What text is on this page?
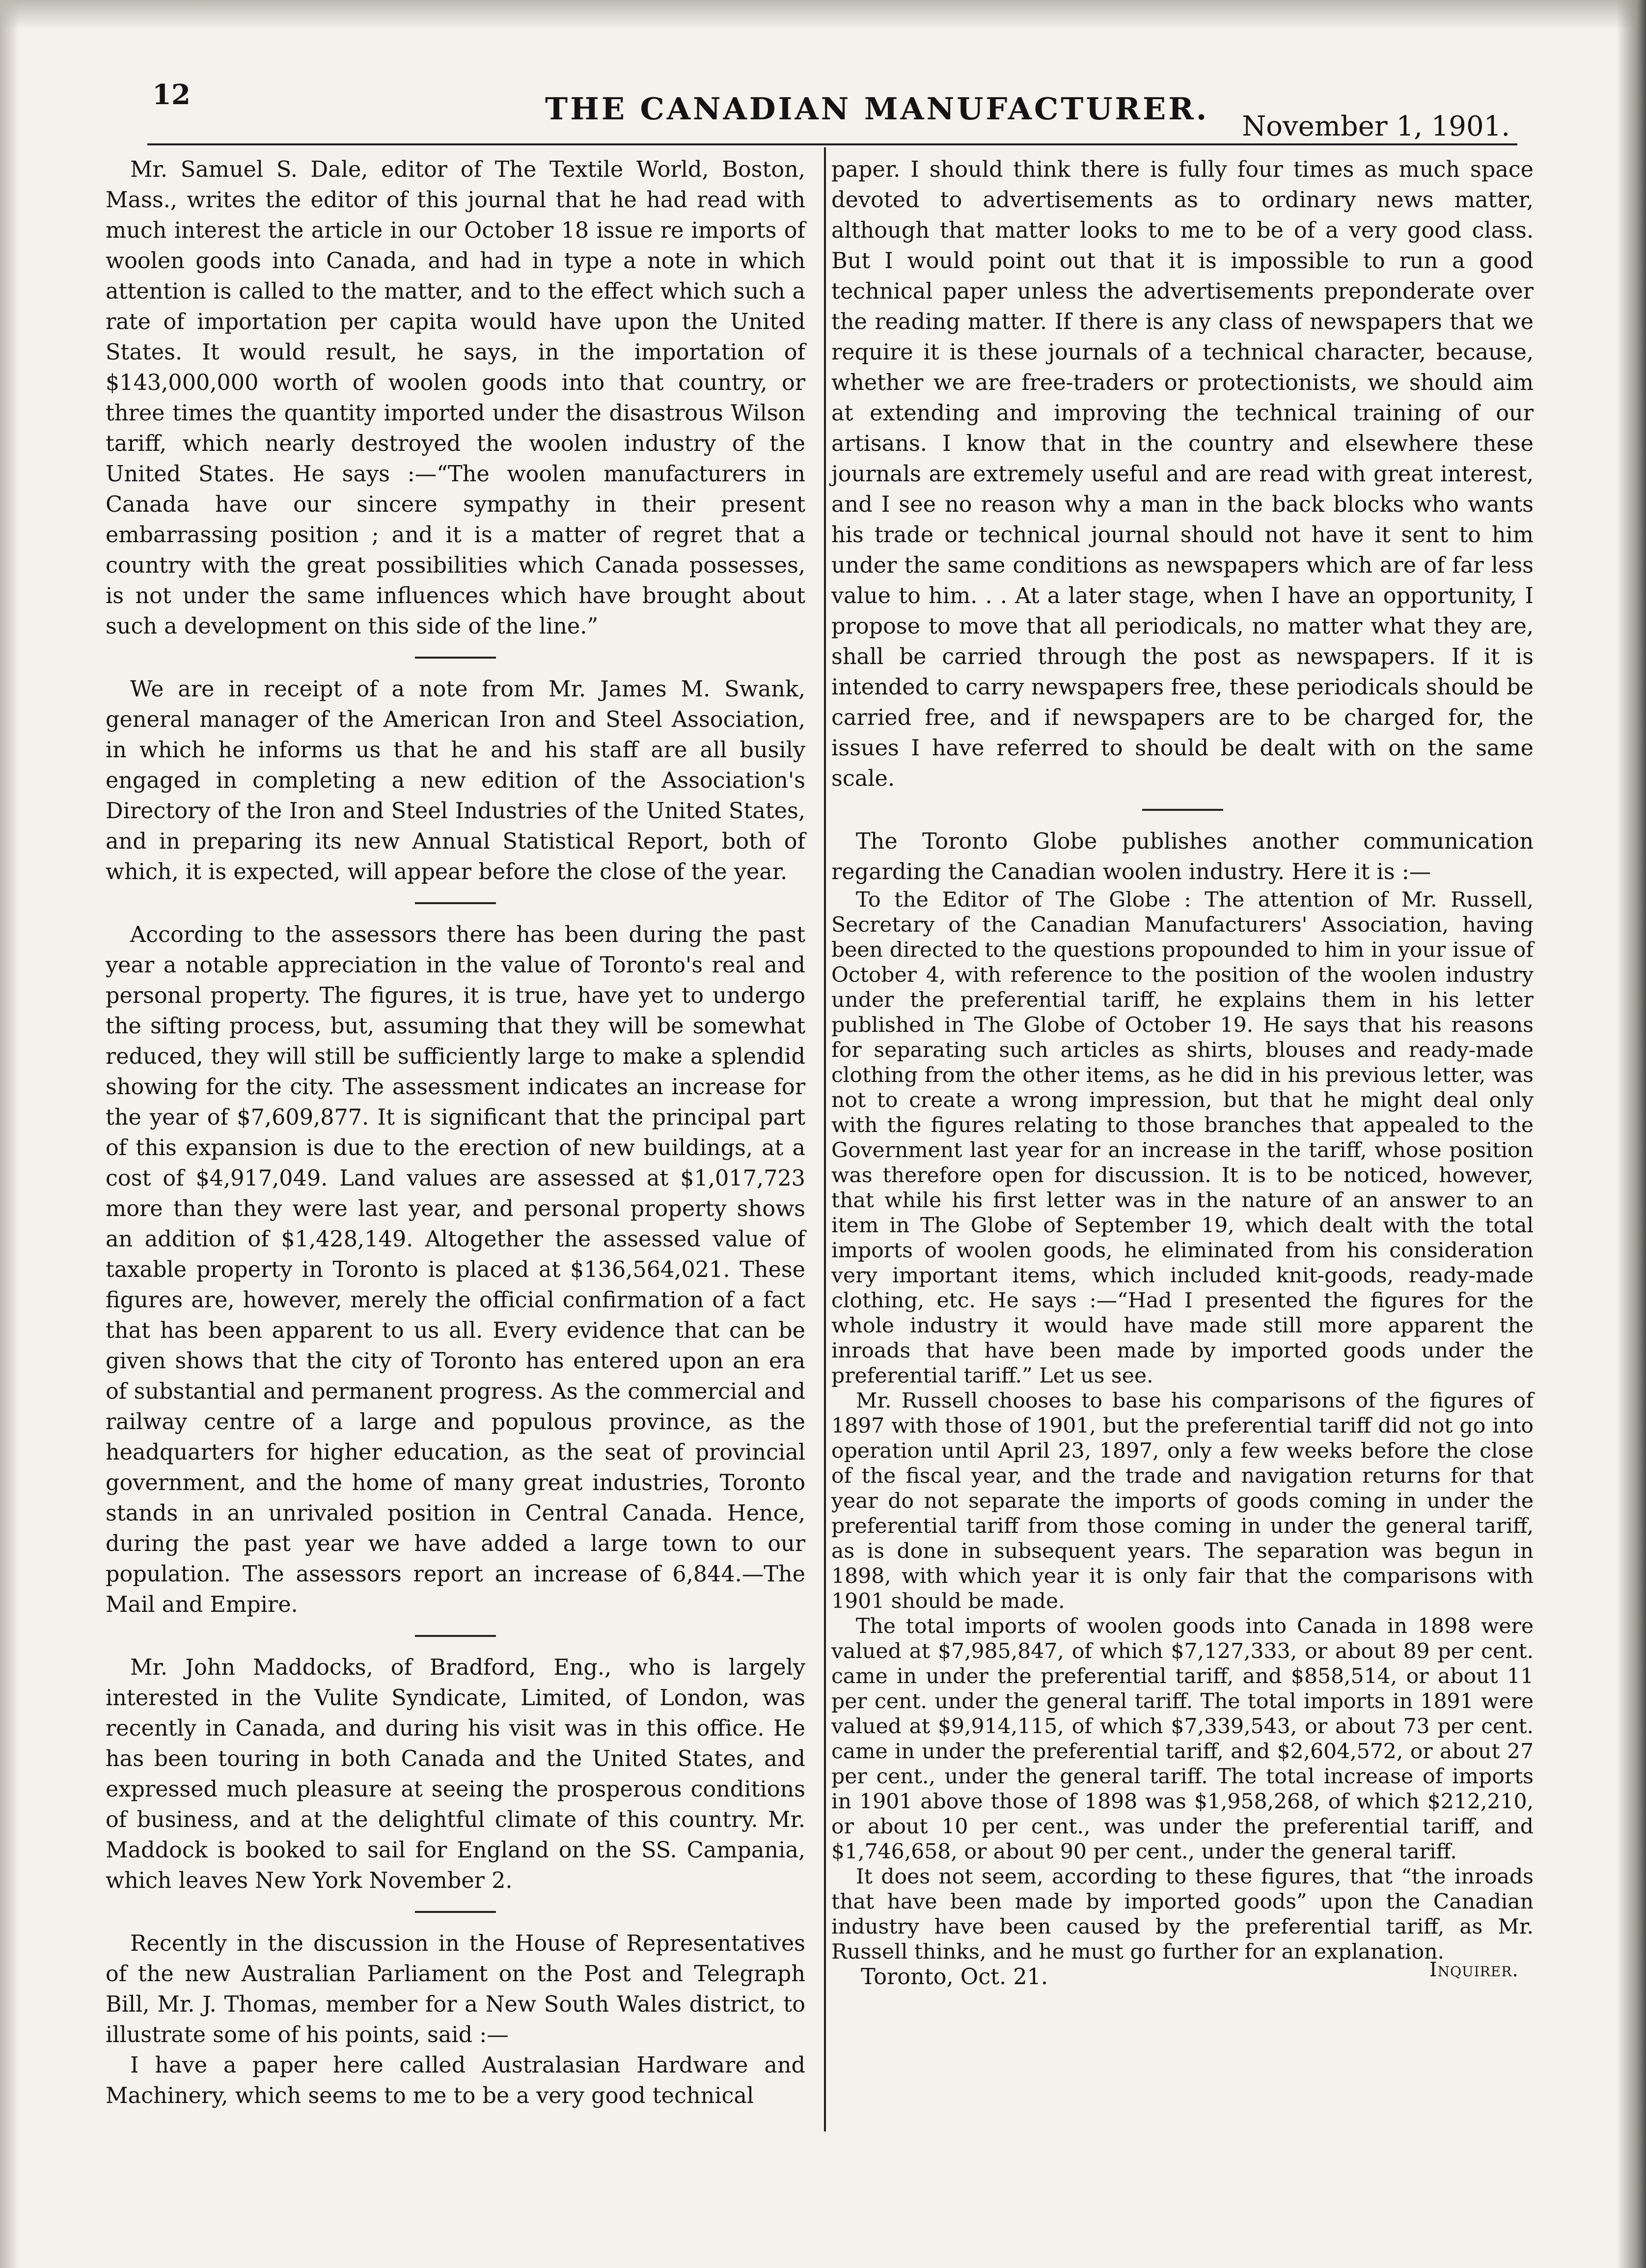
12	THE CANADIAN MANUFACTURER. November 1, 1901.

Mr. Samuel S. Dale, editor of The Textile World, Boston, Mass., writes the editor of this journal that he had read with much interest the article in our October 18 issue re imports of woolen goods into Canada, and had in type a note in which attention is called to the matter, and to the effect which such a rate of importation per capita would have upon the United States. It would result, he says, in the importation of $143,000,000 worth of woolen goods into that country, or three times the quantity imported under the disastrous Wilson tariff, which nearly destroyed the woolen industry of the United States. He says :—“The woolen manufacturers in Canada have our sincere sympathy in their present embarrassing position ; and it is a matter of regret that a country with the great possibilities which Canada possesses, is not under the same influences which have brought about such a development on this side of the line.”

We are in receipt of a note from Mr. James M. Swank, general manager of the American Iron and Steel Association, in which he informs us that he and his staff are all busily engaged in completing a new edition of the Association's Directory of the Iron and Steel Industries of the United States, and in preparing its new Annual Statistical Report, both of which, it is expected, will appear before the close of the year.

According to the assessors there has been during the past year a notable appreciation in the value of Toronto's real and personal property. The figures, it is true, have yet to undergo the sifting process, but, assuming that they will be somewhat reduced, they will still be sufficiently large to make a splendid showing for the city. The assessment indicates an increase for the year of $7,609,877. It is significant that the principal part of this expansion is due to the erection of new buildings, at a cost of $4,917,049. Land values are assessed at $1,017,723 more than they were last year, and personal property shows an addition of $1,428,149. Altogether the assessed value of taxable property in Toronto is placed at $136,564,021. These figures are, however, merely the official confirmation of a fact that has been apparent to us all. Every evidence that can be given shows that the city of Toronto has entered upon an era of substantial and permanent progress. As the commercial and railway centre of a large and populous province, as the headquarters for higher education, as the seat of provincial government, and the home of many great industries, Toronto stands in an unrivaled position in Central Canada. Hence, during the past year we have added a large town to our population. The assessors report an increase of 6,844.—The Mail and Empire.

Mr. John Maddocks, of Bradford, Eng., who is largely interested in the Vulite Syndicate, Limited, of London, was recently in Canada, and during his visit was in this office. He has been touring in both Canada and the United States, and expressed much pleasure at seeing the prosperous conditions of business, and at the delightful climate of this country. Mr. Maddock is booked to sail for England on the SS. Campania, which leaves New York November 2.

Recently in the discussion in the House of Representatives of the new Australian Parliament on the Post and Telegraph Bill, Mr. J. Thomas, member for a New South Wales district, to illustrate some of his points, said :—

I have a paper here called Australasian Hardware and Machinery, which seems to me to be a very good technical

paper. I should think there is fully four times as much space devoted to advertisements as to ordinary news matter, although that matter looks to me to be of a very good class. But I would point out that it is impossible to run a good technical paper unless the advertisements preponderate over the reading matter. If there is any class of newspapers that we require it is these journals of a technical character, because, whether we are free-traders or protectionists, we should aim at extending and improving the technical training of our artisans. I know that in the country and elsewhere these journals are extremely useful and are read with great interest, and I see no reason why a man in the back blocks who wants his trade or technical journal should not have it sent to him under the same conditions as newspapers which are of far less value to him. . . At a later stage, when I have an opportunity, I propose to move that all periodicals, no matter what they are, shall be carried through the post as newspapers. If it is intended to carry newspapers free, these periodicals should be carried free, and if newspapers are to be charged for, the issues I have referred to should be dealt with on the same scale.

The Toronto Globe publishes another communication regarding the Canadian woolen industry. Here it is :—

To the Editor of The Globe : The attention of Mr. Russell, Secretary of the Canadian Manufacturers' Association, having been directed to the questions propounded to him in your issue of October 4, with reference to the position of the woolen industry under the preferential tariff, he explains them in his letter published in The Globe of October 19. He says that his reasons for separating such articles as shirts, blouses and ready-made clothing from the other items, as he did in his previous letter, was not to create a wrong impression, but that he might deal only with the figures relating to those branches that appealed to the Government last year for an increase in the tariff, whose position was therefore open for discussion. It is to be noticed, however, that while his first letter was in the nature of an answer to an item in The Globe of September 19, which dealt with the total imports of woolen goods, he eliminated from his consideration very important items, which included knit-goods, ready-made clothing, etc. He says :—“Had I presented the figures for the whole industry it would have made still more apparent the inroads that have been made by imported goods under the preferential tariff.” Let us see.

Mr. Russell chooses to base his comparisons of the figures of 1897 with those of 1901, but the preferential tariff did not go into operation until April 23, 1897, only a few weeks before the close of the fiscal year, and the trade and navigation returns for that year do not separate the imports of goods coming in under the preferential tariff from those coming in under the general tariff, as is done in subsequent years. The separation was begun in 1898, with which year it is only fair that the comparisons with 1901 should be made.

The total imports of woolen goods into Canada in 1898 were valued at $7,985,847, of which $7,127,333, or about 89 per cent. came in under the preferential tariff, and $858,514, or about 11 per cent. under the general tariff. The total imports in 1891 were valued at $9,914,115, of which $7,339,543, or about 73 per cent. came in under the preferential tariff, and $2,604,572, or about 27 per cent., under the general tariff. The total increase of imports in 1901 above those of 1898 was $1,958,268, of which $212,210, or about 10 per cent., was under the preferential tariff, and $1,746,658, or about 90 per cent., under the general tariff.

It does not seem, according to these figures, that “the inroads that have been made by imported goods” upon the Canadian industry have been caused by the preferential tariff, as Mr. Russell thinks, and he must go further for an explanation.

Toronto, Oct. 21.	Inquirer.
